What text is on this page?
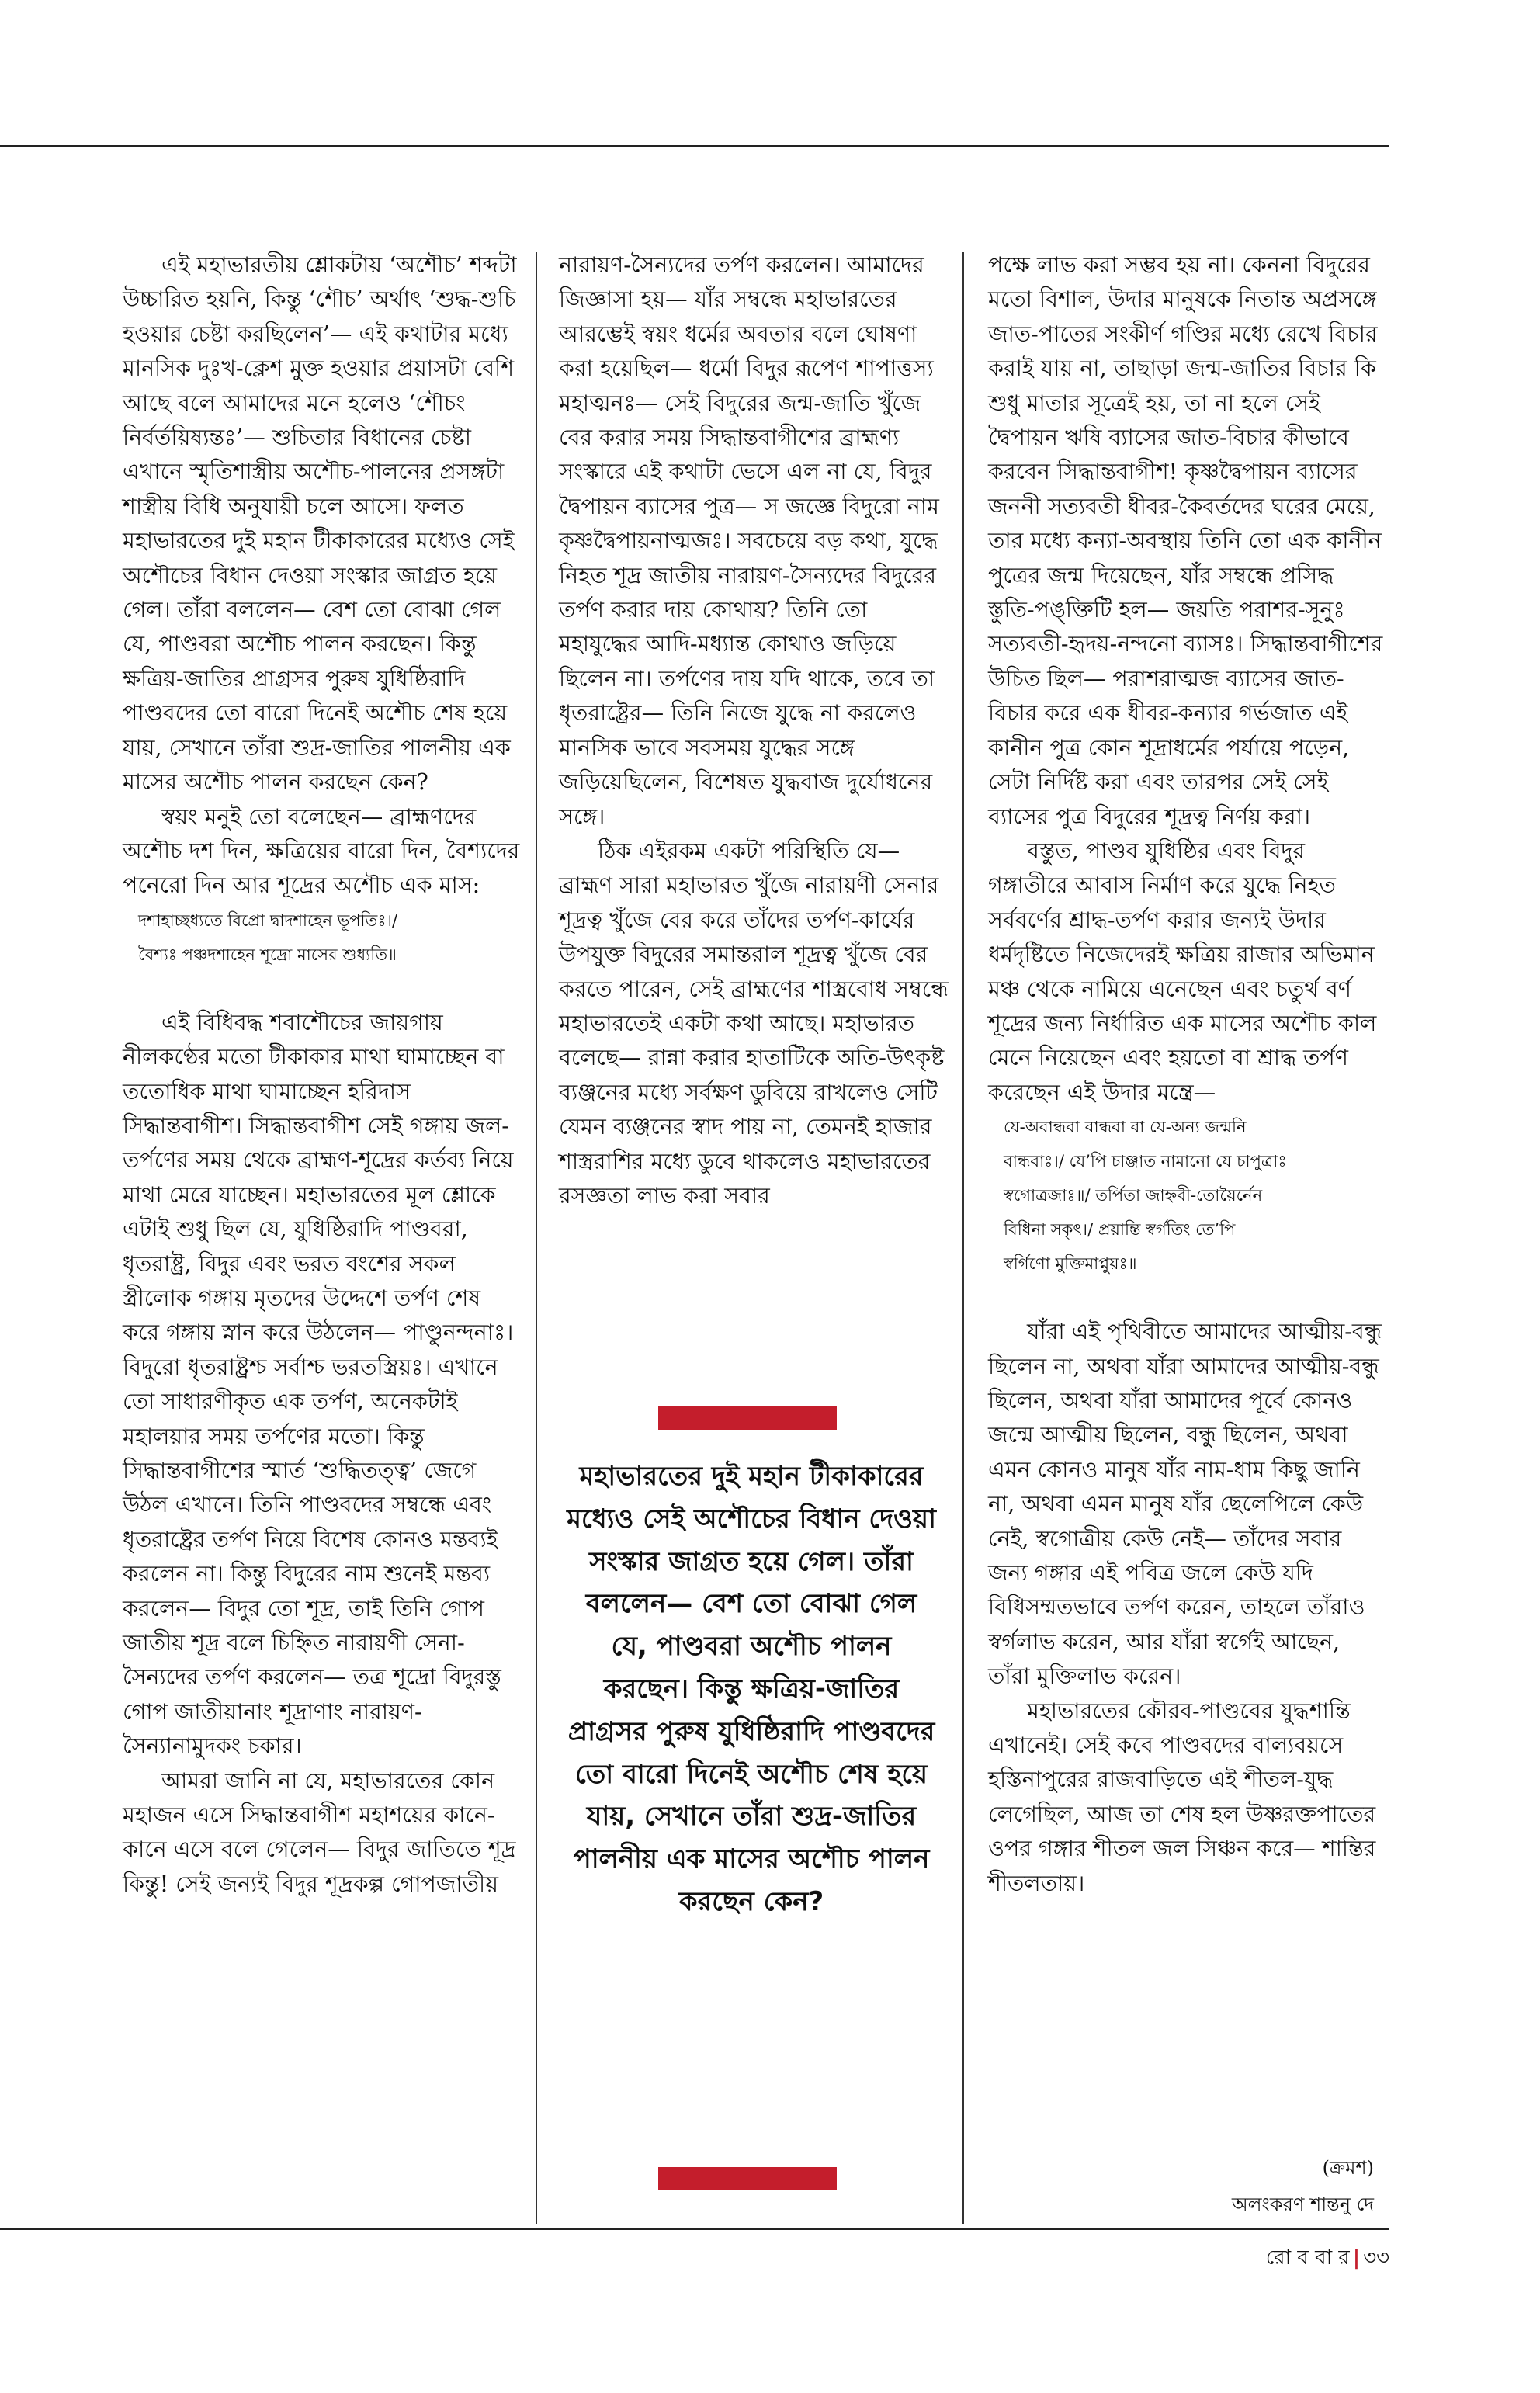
এই মহাভারতীয় শ্লোকটায় ‘অশৌচ’ শব্দটা উচ্চারিত হয়নি, কিন্তু ‘শৌচ’ অর্থাৎ ‘শুদ্ধ-শুচি হওয়ার চেষ্টা করছিলেন’— এই কথাটার মধ্যে মানসিক দুঃখ-ক্লেশ মুক্ত হওয়ার প্রয়াসটা বেশি আছে বলে আমাদের মনে হলেও ‘শৌচং নির্বর্তয়িষ্যন্তঃ’— শুচিতার বিধানের চেষ্টা এখানে স্মৃতিশাস্ত্রীয় অশৌচ-পালনের প্রসঙ্গটা শাস্ত্রীয় বিধি অনুযায়ী চলে আসে। ফলত মহাভারতের দুই মহান টীকাকারের মধ্যেও সেই অশৌচের বিধান দেওয়া সংস্কার জাগ্রত হয়ে গেল। তাঁরা বললেন— বেশ তো বোঝা গেল যে, পাণ্ডবরা অশৌচ পালন করছেন। কিন্তু ক্ষত্রিয়-জাতির প্রাগ্রসর পুরুষ যুধিষ্ঠিরাদি পাণ্ডবদের তো বারো দিনেই অশৌচ শেষ হয়ে যায়, সেখানে তাঁরা শুদ্র-জাতির পালনীয় এক মাসের অশৌচ পালন করছেন কেন?

স্বয়ং মনুই তো বলেছেন— ব্রাহ্মণদের অশৌচ দশ দিন, ক্ষত্রিয়ের বারো দিন, বৈশ্যদের পনেরো দিন আর শূদ্রের অশৌচ এক মাস:

দশাহাচ্ছধ্যতে বিপ্রো দ্বাদশাহেন ভূপতিঃ।/

বৈশ্যঃ পঞ্চদশাহেন শূদ্রো মাসের শুধ্যতি॥

এই বিধিবদ্ধ শবাশৌচের জায়গায় নীলকণ্ঠের মতো টীকাকার মাথা ঘামাচ্ছেন বা ততোধিক মাথা ঘামাচ্ছেন হরিদাস সিদ্ধান্তবাগীশ। সিদ্ধান্তবাগীশ সেই গঙ্গায় জল-তর্পণের সময় থেকে ব্রাহ্মণ-শূদ্রের কর্তব্য নিয়ে মাথা মেরে যাচ্ছেন। মহাভারতের মূল শ্লোকে এটাই শুধু ছিল যে, যুধিষ্ঠিরাদি পাণ্ডবরা, ধৃতরাষ্ট্র, বিদুর এবং ভরত বংশের সকল স্ত্রীলোক গঙ্গায় মৃতদের উদ্দেশে তর্পণ শেষ করে গঙ্গায় স্নান করে উঠলেন— পাণ্ডুনন্দনাঃ। বিদুরো ধৃতরাষ্ট্রশ্চ সর্বাশ্চ ভরতস্ত্রিয়ঃ। এখানে তো সাধারণীকৃত এক তর্পণ, অনেকটাই মহালয়ার সময় তর্পণের মতো। কিন্তু সিদ্ধান্তবাগীশের স্মার্ত ‘শুদ্ধিতত্ত্ব’ জেগে উঠল এখানে। তিনি পাণ্ডবদের সম্বন্ধে এবং ধৃতরাষ্ট্রের তর্পণ নিয়ে বিশেষ কোনও মন্তব্যই করলেন না। কিন্তু বিদুরের নাম শুনেই মন্তব্য করলেন— বিদুর তো শূদ্র, তাই তিনি গোপ জাতীয় শূদ্র বলে চিহ্নিত নারায়ণী সেনা-সৈন্যদের তর্পণ করলেন— তত্র শূদ্রো বিদুরস্তু গোপ জাতীয়ানাং শূদ্রাণাং নারায়ণ-সৈন্যানামুদকং চকার।

আমরা জানি না যে, মহাভারতের কোন মহাজন এসে সিদ্ধান্তবাগীশ মহাশয়ের কানে-কানে এসে বলে গেলেন— বিদুর জাতিতে শূদ্র কিন্তু! সেই জন্যই বিদুর শূদ্রকল্প গোপজাতীয়

নারায়ণ-সৈন্যদের তর্পণ করলেন। আমাদের জিজ্ঞাসা হয়— যাঁর সম্বন্ধে মহাভারতের আরম্ভেই স্বয়ং ধর্মের অবতার বলে ঘোষণা করা হয়েছিল— ধর্মো বিদুর রূপেণ শাপাত্তস্য মহাত্মনঃ— সেই বিদুরের জন্ম-জাতি খুঁজে বের করার সময় সিদ্ধান্তবাগীশের ব্রাহ্মণ্য সংস্কারে এই কথাটা ভেসে এল না যে, বিদুর দ্বৈপায়ন ব্যাসের পুত্র— স জজ্ঞে বিদুরো নাম কৃষ্ণদ্বৈপায়নাত্মজঃ। সবচেয়ে বড় কথা, যুদ্ধে নিহত শূদ্র জাতীয় নারায়ণ-সৈন্যদের বিদুরের তর্পণ করার দায় কোথায়? তিনি তো মহাযুদ্ধের আদি-মধ্যান্ত কোথাও জড়িয়ে ছিলেন না। তর্পণের দায় যদি থাকে, তবে তা ধৃতরাষ্ট্রের— তিনি নিজে যুদ্ধে না করলেও মানসিক ভাবে সবসময় যুদ্ধের সঙ্গে জড়িয়েছিলেন, বিশেষত যুদ্ধবাজ দুর্যোধনের সঙ্গে।

ঠিক এইরকম একটা পরিস্থিতি যে— ব্রাহ্মণ সারা মহাভারত খুঁজে নারায়ণী সেনার শূদ্রত্ব খুঁজে বের করে তাঁদের তর্পণ-কার্যের উপযুক্ত বিদুরের সমান্তরাল শূদ্রত্ব খুঁজে বের করতে পারেন, সেই ব্রাহ্মণের শাস্ত্রবোধ সম্বন্ধে মহাভারতেই একটা কথা আছে। মহাভারত বলেছে— রান্না করার হাতাটিকে অতি-উৎকৃষ্ট ব্যঞ্জনের মধ্যে সর্বক্ষণ ডুবিয়ে রাখলেও সেটি যেমন ব্যঞ্জনের স্বাদ পায় না, তেমনই হাজার শাস্ত্ররাশির মধ্যে ডুবে থাকলেও মহাভারতের রসজ্ঞতা লাভ করা সবার

মহাভারতের দুই মহান টীকাকারের মধ্যেও সেই অশৌচের বিধান দেওয়া সংস্কার জাগ্রত হয়ে গেল। তাঁরা বললেন— বেশ তো বোঝা গেল যে, পাণ্ডবরা অশৌচ পালন করছেন। কিন্তু ক্ষত্রিয়-জাতির প্রাগ্রসর পুরুষ যুধিষ্ঠিরাদি পাণ্ডবদের তো বারো দিনেই অশৌচ শেষ হয়ে যায়, সেখানে তাঁরা শুদ্র-জাতির পালনীয় এক মাসের অশৌচ পালন করছেন কেন?

পক্ষে লাভ করা সম্ভব হয় না। কেননা বিদুরের মতো বিশাল, উদার মানুষকে নিতান্ত অপ্রসঙ্গে জাত-পাতের সংকীর্ণ গণ্ডির মধ্যে রেখে বিচার করাই যায় না, তাছাড়া জন্ম-জাতির বিচার কি শুধু মাতার সূত্রেই হয়, তা না হলে সেই দ্বৈপায়ন ঋষি ব্যাসের জাত-বিচার কীভাবে করবেন সিদ্ধান্তবাগীশ! কৃষ্ণদ্বৈপায়ন ব্যাসের জননী সত্যবতী ধীবর-কৈবর্তদের ঘরের মেয়ে, তার মধ্যে কন্যা-অবস্থায় তিনি তো এক কানীন পুত্রের জন্ম দিয়েছেন, যাঁর সম্বন্ধে প্রসিদ্ধ স্তুতি-পঙ্‌ক্তিটি হল— জয়তি পরাশর-সূনুঃ সত্যবতী-হৃদয়-নন্দনো ব্যাসঃ। সিদ্ধান্তবাগীশের উচিত ছিল— পরাশরাত্মজ ব্যাসের জাত-বিচার করে এক ধীবর-কন্যার গর্ভজাত এই কানীন পুত্র কোন শূদ্রাধর্মের পর্যায়ে পড়েন, সেটা নির্দিষ্ট করা এবং তারপর সেই সেই ব্যাসের পুত্র বিদুরের শূদ্রত্ব নির্ণয় করা।

বস্তুত, পাণ্ডব যুধিষ্ঠির এবং বিদুর গঙ্গাতীরে আবাস নির্মাণ করে যুদ্ধে নিহত সর্ববর্ণের শ্রাদ্ধ-তর্পণ করার জন্যই উদার ধর্মদৃষ্টিতে নিজেদেরই ক্ষত্রিয় রাজার অভিমান মঞ্চ থেকে নামিয়ে এনেছেন এবং চতুর্থ বর্ণ শূদ্রের জন্য নির্ধারিত এক মাসের অশৌচ কাল মেনে নিয়েছেন এবং হয়তো বা শ্রাদ্ধ তর্পণ করেছেন এই উদার মন্ত্রে—

যে-অবান্ধবা বান্ধবা বা যে-অন্য জন্মনি

বান্ধবাঃ।/ যে’পি চাঞ্জাত নামানো যে চাপুত্রাঃ

স্বগোত্রজাঃ॥/ তর্পিতা জাহ্নবী-তোয়ৈর্নেন

বিধিনা সকৃৎ।/ প্রয়ান্তি স্বর্গতিং তে’পি

স্বর্গিণো মুক্তিমাপ্নুয়ঃ॥

যাঁরা এই পৃথিবীতে আমাদের আত্মীয়-বন্ধু ছিলেন না, অথবা যাঁরা আমাদের আত্মীয়-বন্ধু ছিলেন, অথবা যাঁরা আমাদের পূর্বে কোনও জন্মে আত্মীয় ছিলেন, বন্ধু ছিলেন, অথবা এমন কোনও মানুষ যাঁর নাম-ধাম কিছু জানি না, অথবা এমন মানুষ যাঁর ছেলেপিলে কেউ নেই, স্বগোত্রীয় কেউ নেই— তাঁদের সবার জন্য গঙ্গার এই পবিত্র জলে কেউ যদি বিধিসম্মতভাবে তর্পণ করেন, তাহলে তাঁরাও স্বর্গলাভ করেন, আর যাঁরা স্বর্গেই আছেন, তাঁরা মুক্তিলাভ করেন।

মহাভারতের কৌরব-পাণ্ডবের যুদ্ধশান্তি এখানেই। সেই কবে পাণ্ডবদের বাল্যবয়সে হস্তিনাপুরের রাজবাড়িতে এই শীতল-যুদ্ধ লেগেছিল, আজ তা শেষ হল উষ্ণরক্তপাতের ওপর গঙ্গার শীতল জল সিঞ্চন করে— শান্তির শীতলতায়।

(ক্রমশ)
অলংকরণ শান্তনু দে
রো ব বা র | ৩৩
